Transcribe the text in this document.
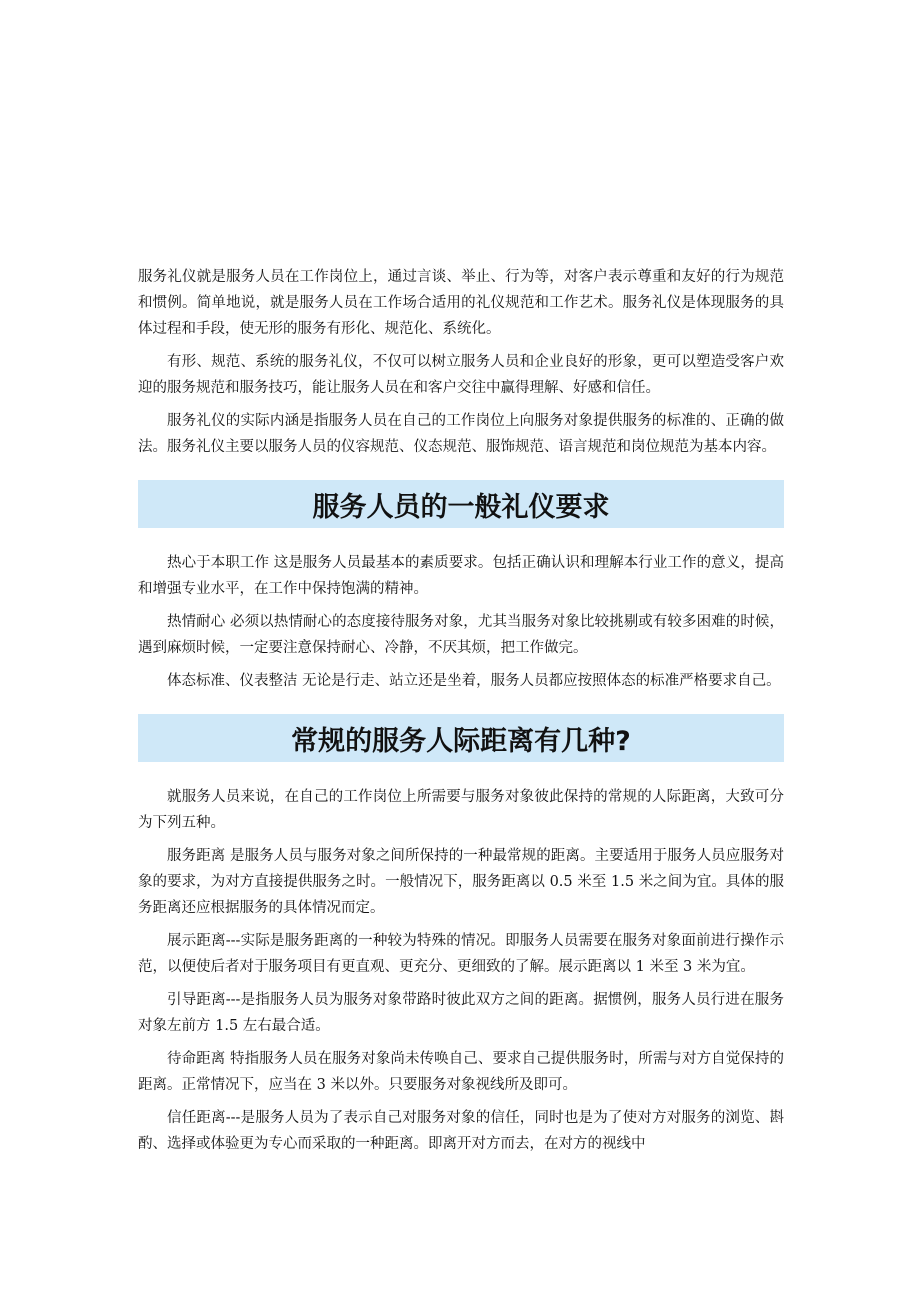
服务礼仪就是服务人员在工作岗位上，通过言谈、举止、行为等，对客户表示尊重和友好的行为规范和惯例。简单地说，就是服务人员在工作场合适用的礼仪规范和工作艺术。服务礼仪是体现服务的具体过程和手段，使无形的服务有形化、规范化、系统化。

有形、规范、系统的服务礼仪，不仅可以树立服务人员和企业良好的形象，更可以塑造受客户欢迎的服务规范和服务技巧，能让服务人员在和客户交往中赢得理解、好感和信任。

服务礼仪的实际内涵是指服务人员在自己的工作岗位上向服务对象提供服务的标准的、正确的做法。服务礼仪主要以服务人员的仪容规范、仪态规范、服饰规范、语言规范和岗位规范为基本内容。

服务人员的一般礼仪要求

热心于本职工作 这是服务人员最基本的素质要求。包括正确认识和理解本行业工作的意义，提高和增强专业水平，在工作中保持饱满的精神。

热情耐心 必须以热情耐心的态度接待服务对象，尤其当服务对象比较挑剔或有较多困难的时候，遇到麻烦时候，一定要注意保持耐心、冷静，不厌其烦，把工作做完。

体态标准、仪表整洁 无论是行走、站立还是坐着，服务人员都应按照体态的标准严格要求自己。

常规的服务人际距离有几种?

就服务人员来说，在自己的工作岗位上所需要与服务对象彼此保持的常规的人际距离，大致可分为下列五种。

服务距离 是服务人员与服务对象之间所保持的一种最常规的距离。主要适用于服务人员应服务对象的要求，为对方直接提供服务之时。一般情况下，服务距离以 0.5 米至 1.5 米之间为宜。具体的服务距离还应根据服务的具体情况而定。

展示距离---实际是服务距离的一种较为特殊的情况。即服务人员需要在服务对象面前进行操作示范，以便使后者对于服务项目有更直观、更充分、更细致的了解。展示距离以 1 米至 3 米为宜。

引导距离---是指服务人员为服务对象带路时彼此双方之间的距离。据惯例，服务人员行进在服务对象左前方 1.5 左右最合适。

待命距离 特指服务人员在服务对象尚未传唤自己、要求自己提供服务时，所需与对方自觉保持的距离。正常情况下，应当在 3 米以外。只要服务对象视线所及即可。

信任距离---是服务人员为了表示自己对服务对象的信任，同时也是为了使对方对服务的浏览、斟酌、选择或体验更为专心而采取的一种距离。即离开对方而去，在对方的视线中
